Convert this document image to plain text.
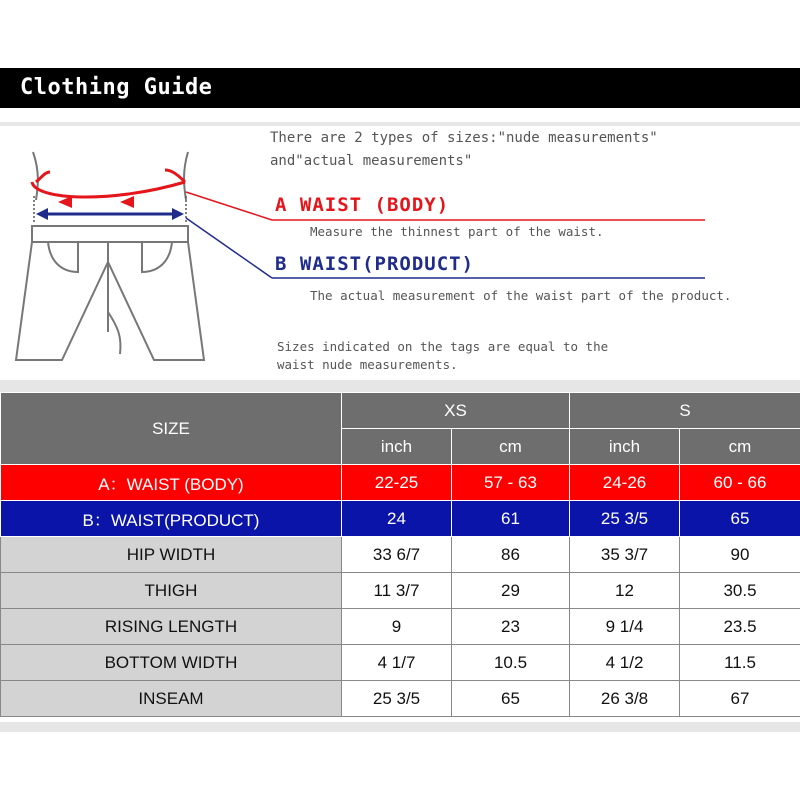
Clothing Guide
There are 2 types of sizes:"nude measurements"
and"actual measurements"
A WAIST (BODY)
Measure the thinnest part of the waist.
B WAIST(PRODUCT)
The actual measurement of the waist part of the product.
Sizes indicated on the tags are equal to the
waist nude measurements.
SIZE	XS		S	
	inch	cm	inch	cm
A：WAIST (BODY)	22-25	57 - 63	24-26	60 - 66
B：WAIST(PRODUCT)	24	61	25 3/5	65
HIP WIDTH	33 6/7	86	35 3/7	90
THIGH	11 3/7	29	12	30.5
RISING LENGTH	9	23	9 1/4	23.5
BOTTOM WIDTH	4 1/7	10.5	4 1/2	11.5
INSEAM	25 3/5	65	26 3/8	67
